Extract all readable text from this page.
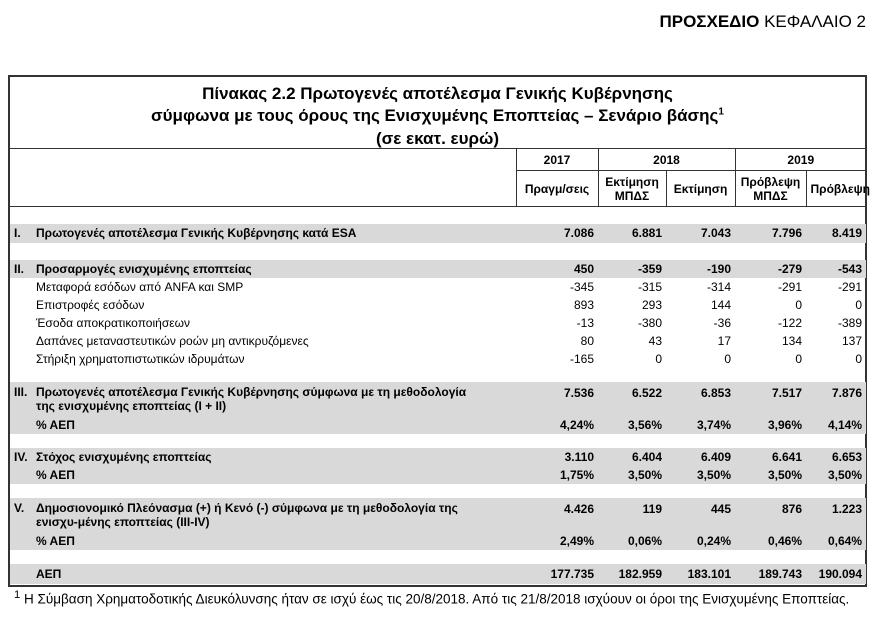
ΠΡΟΣΧΕΔΙΟ ΚΕΦΑΛΑΙΟ 2
Πίνακας 2.2 Πρωτογενές αποτέλεσμα Γενικής Κυβέρνησης
σύμφωνα με τους όρους της Ενισχυμένης Εποπτείας – Σενάριο βάσης$^1$
(σε εκατ. ευρώ)
	2017	2018		2019	
	Πραγμ/σεις	Εκτίμηση ΜΠΔΣ	Εκτίμηση	Πρόβλεψη ΜΠΔΣ	Πρόβλεψη

I. Πρωτογενές αποτέλεσμα Γενικής Κυβέρνησης κατά ESA	7.086	6.881	7.043	7.796	8.419

II. Προσαρμογές ενισχυμένης εποπτείας	450	-359	-190	-279	-543
Μεταφορά εσόδων από ANFA και SMP	-345	-315	-314	-291	-291
Επιστροφές εσόδων	893	293	144	0	0
Έσοδα αποκρατικοποιήσεων	-13	-380	-36	-122	-389
Δαπάνες μεταναστευτικών ροών μη αντικρυζόμενες	80	43	17	134	137
Στήριξη χρηματοπιστωτικών ιδρυμάτων	-165	0	0	0	0

III. Πρωτογενές αποτέλεσμα Γενικής Κυβέρνησης σύμφωνα με τη μεθοδολογία της ενισχυμένης εποπτείας (I + II)	7.536	6.522	6.853	7.517	7.876
% ΑΕΠ	4,24%	3,56%	3,74%	3,96%	4,14%

IV. Στόχος ενισχυμένης εποπτείας	3.110	6.404	6.409	6.641	6.653
% ΑΕΠ	1,75%	3,50%	3,50%	3,50%	3,50%

V. Δημοσιονομικό Πλεόνασμα (+) ή Κενό (-) σύμφωνα με τη μεθοδολογία της ενισχυ-μένης εποπτείας (III-IV)	4.426	119	445	876	1.223
% ΑΕΠ	2,49%	0,06%	0,24%	0,46%	0,64%

ΑΕΠ	177.735	182.959	183.101	189.743	190.094
$^1$ Η Σύμβαση Χρηματοδοτικής Διευκόλυνσης ήταν σε ισχύ έως τις 20/8/2018. Από τις 21/8/2018 ισχύουν οι όροι της Ενισχυμένης Εποπτείας.
